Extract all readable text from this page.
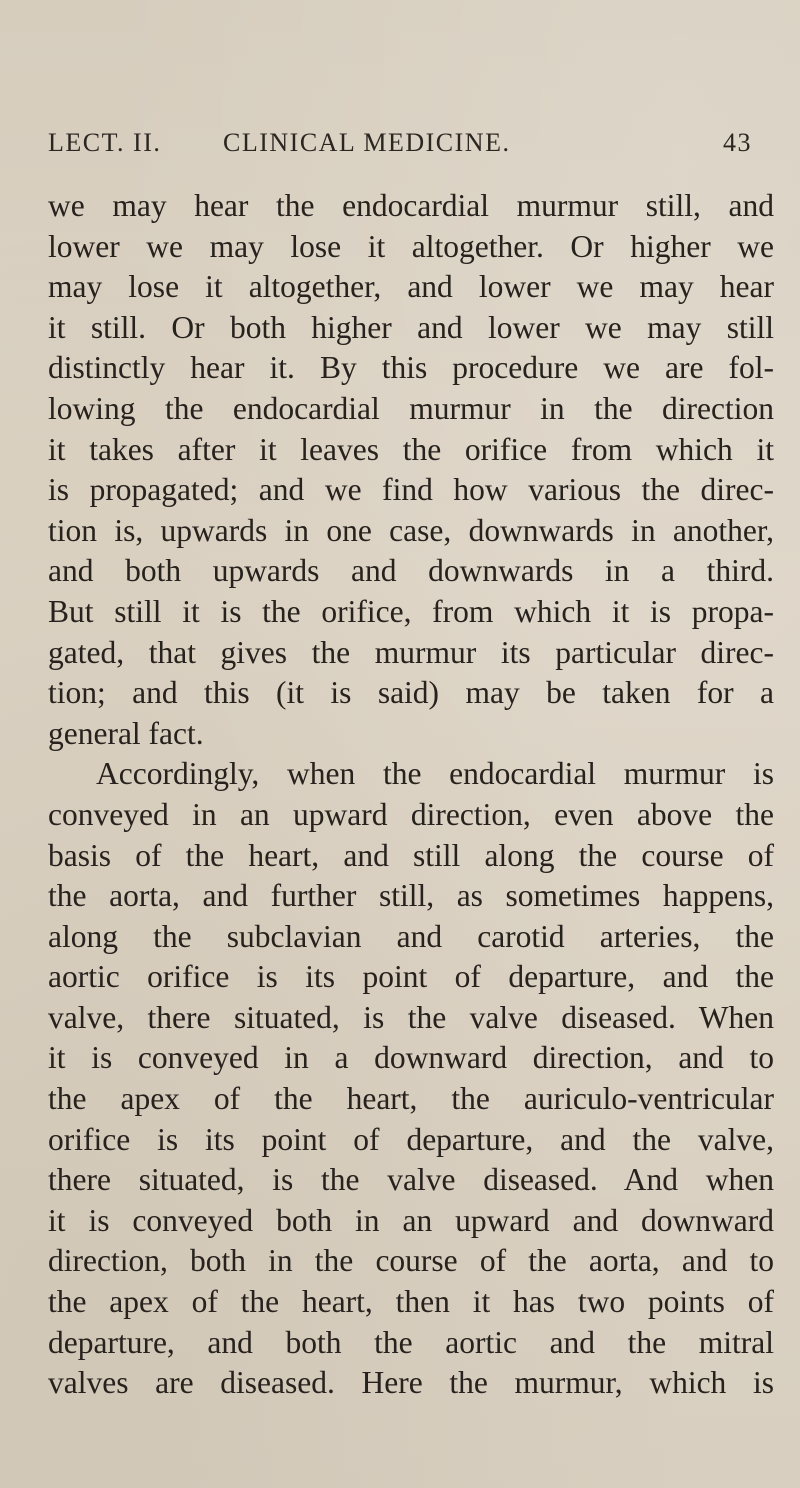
LECT. II. CLINICAL MEDICINE.	43
we may hear the endocardial murmur still, and
lower we may lose it altogether. Or higher we
may lose it altogether, and lower we may hear
it still. Or both higher and lower we may still
distinctly hear it. By this procedure we are fol-
lowing the endocardial murmur in the direction
it takes after it leaves the orifice from which it
is propagated; and we find how various the direc-
tion is, upwards in one case, downwards in another,
and both upwards and downwards in a third.
But still it is the orifice, from which it is propa-
gated, that gives the murmur its particular direc-
tion; and this (it is said) may be taken for a
general fact.
Accordingly, when the endocardial murmur is
conveyed in an upward direction, even above the
basis of the heart, and still along the course of
the aorta, and further still, as sometimes happens,
along the subclavian and carotid arteries, the
aortic orifice is its point of departure, and the
valve, there situated, is the valve diseased. When
it is conveyed in a downward direction, and to
the apex of the heart, the auriculo-ventricular
orifice is its point of departure, and the valve,
there situated, is the valve diseased. And when
it is conveyed both in an upward and downward
direction, both in the course of the aorta, and to
the apex of the heart, then it has two points of
departure, and both the aortic and the mitral
valves are diseased. Here the murmur, which is
